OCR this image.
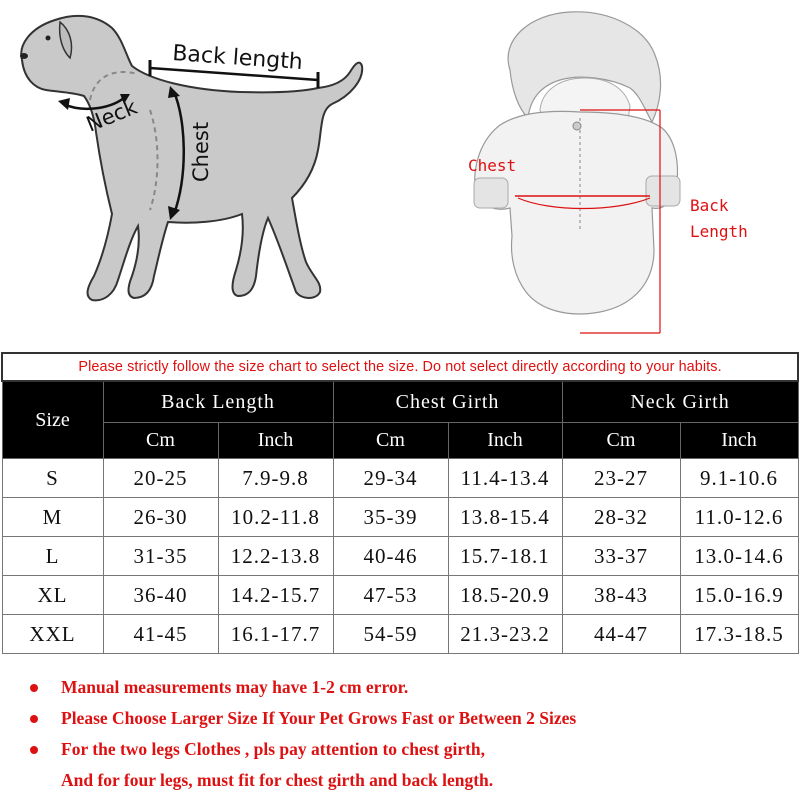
Back length
Neck
Chest	Chest
Back
Length
Please strictly follow the size chart to select the size. Do not select directly according to your habits.						
Size	Back Length		Chest Girth		Neck Girth	
	Cm	Inch	Cm	Inch	Cm	Inch
S	20-25	7.9-9.8	29-34	11.4-13.4	23-27	9.1-10.6
M	26-30	10.2-11.8	35-39	13.8-15.4	28-32	11.0-12.6
L	31-35	12.2-13.8	40-46	15.7-18.1	33-37	13.0-14.6
XL	36-40	14.2-15.7	47-53	18.5-20.9	38-43	15.0-16.9
XXL	41-45	16.1-17.7	54-59	21.3-23.2	44-47	17.3-18.5
Manual measurements may have 1-2 cm error.
Please Choose Larger Size If Your Pet Grows Fast or Between 2 Sizes
For the two legs Clothes , pls pay attention to chest girth,
And for four legs, must fit for chest girth and back length.
